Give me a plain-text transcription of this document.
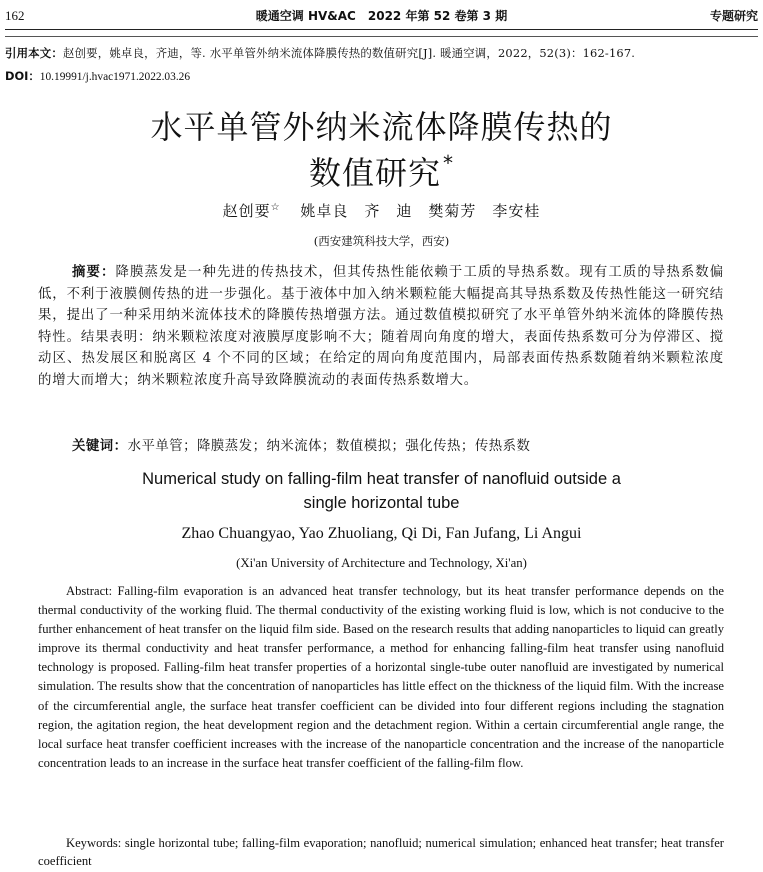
162	暖通空调 HV&AC　2022 年第 52 卷第 3 期	专题研究
引用本文：赵创要，姚卓良，齐迪，等. 水平单管外纳米流体降膜传热的数值研究[J]. 暖通空调，2022，52(3)：162-167.
DOI：10.19991/j.hvac1971.2022.03.26
水平单管外纳米流体降膜传热的
数值研究 *
赵创要☆ 姚卓良　齐　迪　樊菊芳　李安桂
(西安建筑科技大学，西安)
摘要：降膜蒸发是一种先进的传热技术，但其传热性能依赖于工质的导热系数。现有工质的导热系数偏低，不利于液膜侧传热的进一步强化。基于液体中加入纳米颗粒能大幅提高其导热系数及传热性能这一研究结果，提出了一种采用纳米流体技术的降膜传热增强方法。通过数值模拟研究了水平单管外纳米流体的降膜传热特性。结果表明：纳米颗粒浓度对液膜厚度影响不大；随着周向角度的增大，表面传热系数可分为停滞区、搅动区、热发展区和脱离区 4 个不同的区域；在给定的周向角度范围内，局部表面传热系数随着纳米颗粒浓度的增大而增大；纳米颗粒浓度升高导致降膜流动的表面传热系数增大。
关键词：水平单管；降膜蒸发；纳米流体；数值模拟；强化传热；传热系数
Numerical study on falling-film heat transfer of nanofluid outside a
single horizontal tube
Zhao Chuangyao, Yao Zhuoliang, Qi Di, Fan Jufang, Li Angui
(Xi'an University of Architecture and Technology, Xi'an)
Abstract: Falling-film evaporation is an advanced heat transfer technology, but its heat transfer performance depends on the thermal conductivity of the working fluid. The thermal conductivity of the existing working fluid is low, which is not conducive to the further enhancement of heat transfer on the liquid film side. Based on the research results that adding nanoparticles to liquid can greatly improve its thermal conductivity and heat transfer performance, a method for enhancing falling-film heat transfer using nanofluid technology is proposed. Falling-film heat transfer properties of a horizontal single-tube outer nanofluid are investigated by numerical simulation. The results show that the concentration of nanoparticles has little effect on the thickness of the liquid film. With the increase of the circumferential angle, the surface heat transfer coefficient can be divided into four different regions including the stagnation region, the agitation region, the heat development region and the detachment region. Within a certain circumferential angle range, the local surface heat transfer coefficient increases with the increase of the nanoparticle concentration and the increase of the nanoparticle concentration leads to an increase in the surface heat transfer coefficient of the falling-film flow.
Keywords: single horizontal tube; falling-film evaporation; nanofluid; numerical simulation; enhanced heat transfer; heat transfer coefficient
